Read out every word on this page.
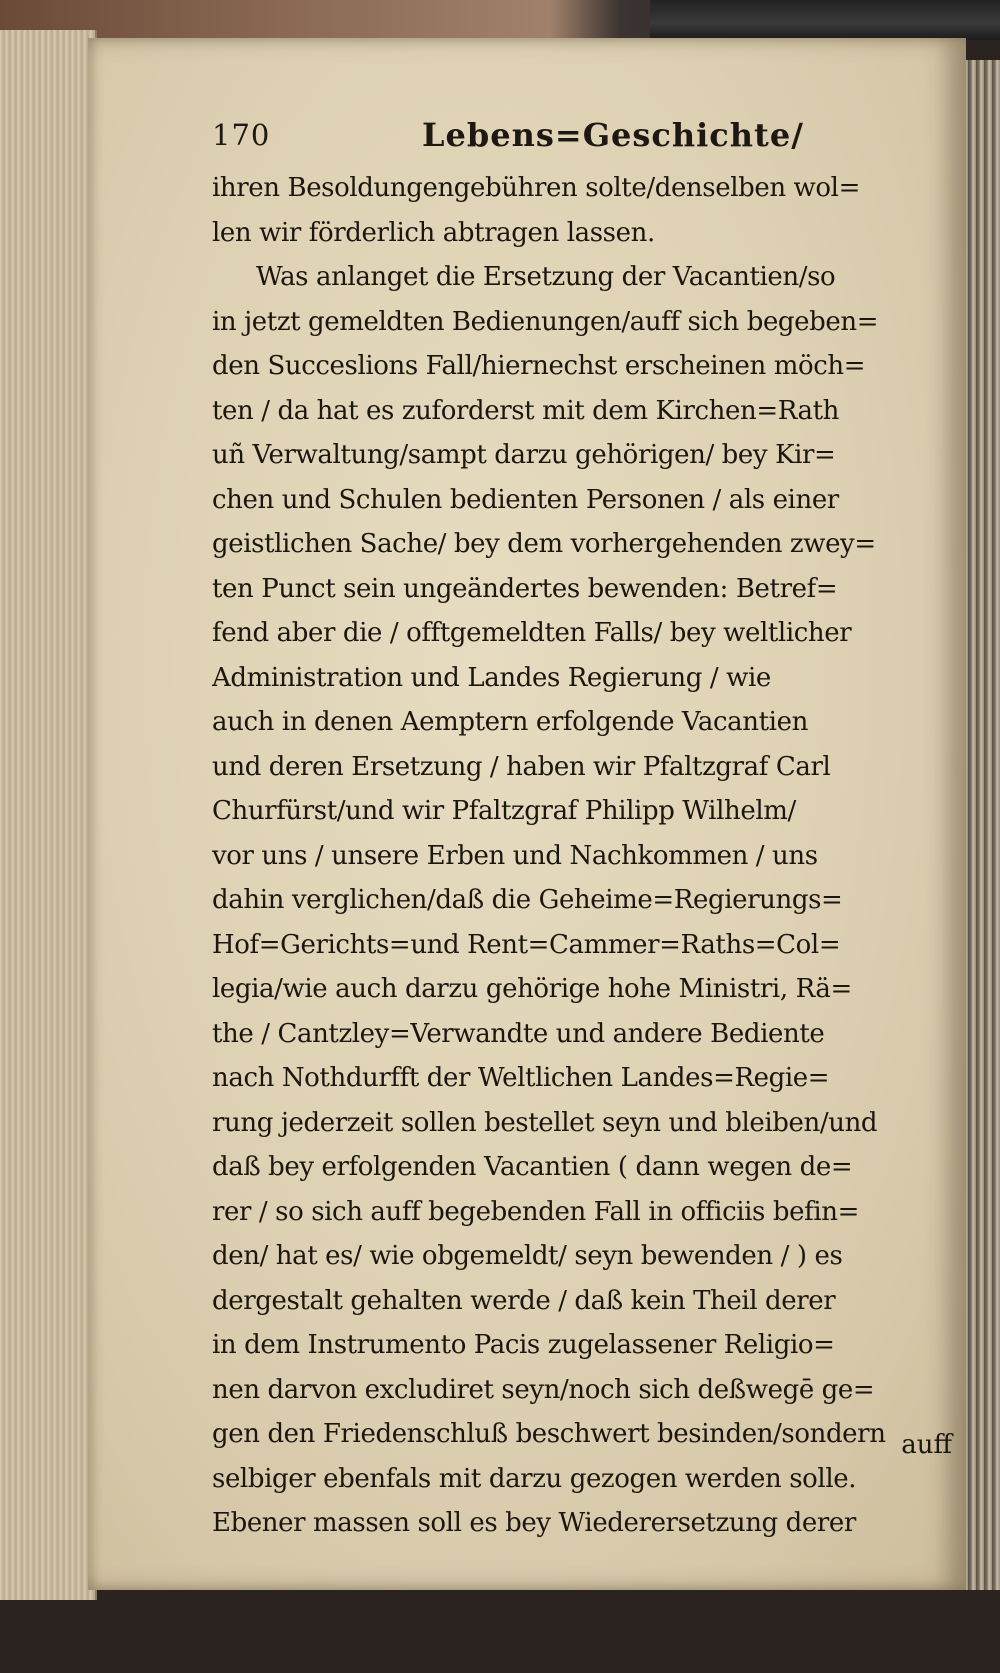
170	Lebens=Geschichte/
ihren Besoldungengebühren solte/denselben wol=
len wir förderlich abtragen lassen.
Was anlanget die Ersetzung der Vacantien/so
in jetzt gemeldten Bedienungen/auff sich begeben=
den Succeslions Fall/hiernechst erscheinen möch=
ten / da hat es zuforderst mit dem Kirchen=Rath
uñ Verwaltung/sampt darzu gehörigen/ bey Kir=
chen und Schulen bedienten Personen / als einer
geistlichen Sache/ bey dem vorhergehenden zwey=
ten Punct sein ungeändertes bewenden: Betref=
fend aber die / offtgemeldten Falls/ bey weltlicher
Administration und Landes Regierung / wie
auch in denen Aemptern erfolgende Vacantien
und deren Ersetzung / haben wir Pfaltzgraf Carl
Churfürst/und wir Pfaltzgraf Philipp Wilhelm/
vor uns / unsere Erben und Nachkommen / uns
dahin verglichen/daß die Geheime=Regierungs=
Hof=Gerichts=und Rent=Cammer=Raths=Col=
legia/wie auch darzu gehörige hohe Ministri, Rä=
the / Cantzley=Verwandte und andere Bediente
nach Nothdurfft der Weltlichen Landes=Regie=
rung jederzeit sollen bestellet seyn und bleiben/und
daß bey erfolgenden Vacantien ( dann wegen de=
rer / so sich auff begebenden Fall in officiis befin=
den/ hat es/ wie obgemeldt/ seyn bewenden / ) es
dergestalt gehalten werde / daß kein Theil derer
in dem Instrumento Pacis zugelassener Religio=
nen darvon excludiret seyn/noch sich deßwegē ge=
gen den Friedenschluß beschwert besinden/sondern
selbiger ebenfals mit darzu gezogen werden solle.
Ebener massen soll es bey Wiederersetzung derer
auff
